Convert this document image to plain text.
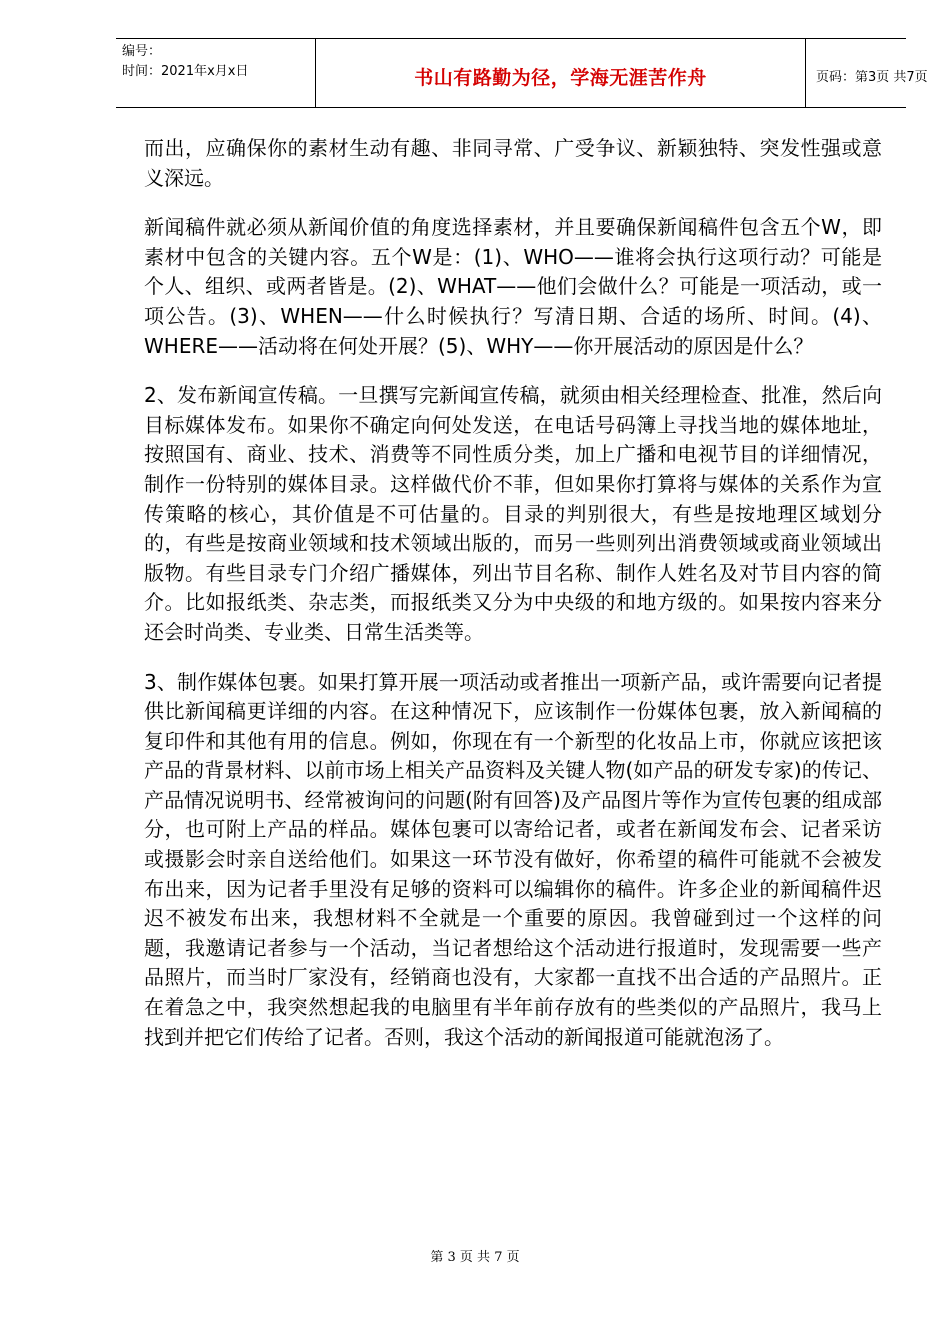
编号：
时间：2021年x月x日	书山有路勤为径，学海无涯苦作舟	页码：第3页 共7页

而出，应确保你的素材生动有趣、非同寻常、广受争议、新颖独特、突发性强或意义深远。

新闻稿件就必须从新闻价值的角度选择素材，并且要确保新闻稿件包含五个W，即素材中包含的关键内容。五个W是：(1)、WHO——谁将会执行这项行动？可能是个人、组织、或两者皆是。(2)、WHAT——他们会做什么？可能是一项活动，或一项公告。(3)、WHEN——什么时候执行？写清日期、合适的场所、时间。(4)、WHERE——活动将在何处开展？(5)、WHY——你开展活动的原因是什么？

2、发布新闻宣传稿。一旦撰写完新闻宣传稿，就须由相关经理检查、批准，然后向目标媒体发布。如果你不确定向何处发送，在电话号码簿上寻找当地的媒体地址，按照国有、商业、技术、消费等不同性质分类，加上广播和电视节目的详细情况，制作一份特别的媒体目录。这样做代价不菲，但如果你打算将与媒体的关系作为宣传策略的核心，其价值是不可估量的。目录的判别很大，有些是按地理区域划分的，有些是按商业领域和技术领域出版的，而另一些则列出消费领域或商业领域出版物。有些目录专门介绍广播媒体，列出节目名称、制作人姓名及对节目内容的简介。比如报纸类、杂志类，而报纸类又分为中央级的和地方级的。如果按内容来分还会时尚类、专业类、日常生活类等。

3、制作媒体包裹。如果打算开展一项活动或者推出一项新产品，或许需要向记者提供比新闻稿更详细的内容。在这种情况下，应该制作一份媒体包裹，放入新闻稿的复印件和其他有用的信息。例如，你现在有一个新型的化妆品上市，你就应该把该产品的背景材料、以前市场上相关产品资料及关键人物(如产品的研发专家)的传记、产品情况说明书、经常被询问的问题(附有回答)及产品图片等作为宣传包裹的组成部分，也可附上产品的样品。媒体包裹可以寄给记者，或者在新闻发布会、记者采访或摄影会时亲自送给他们。如果这一环节没有做好，你希望的稿件可能就不会被发布出来，因为记者手里没有足够的资料可以编辑你的稿件。许多企业的新闻稿件迟迟不被发布出来，我想材料不全就是一个重要的原因。我曾碰到过一个这样的问题，我邀请记者参与一个活动，当记者想给这个活动进行报道时，发现需要一些产品照片，而当时厂家没有，经销商也没有，大家都一直找不出合适的产品照片。正在着急之中，我突然想起我的电脑里有半年前存放有的些类似的产品照片，我马上找到并把它们传给了记者。否则，我这个活动的新闻报道可能就泡汤了。

第 3 页 共 7 页
